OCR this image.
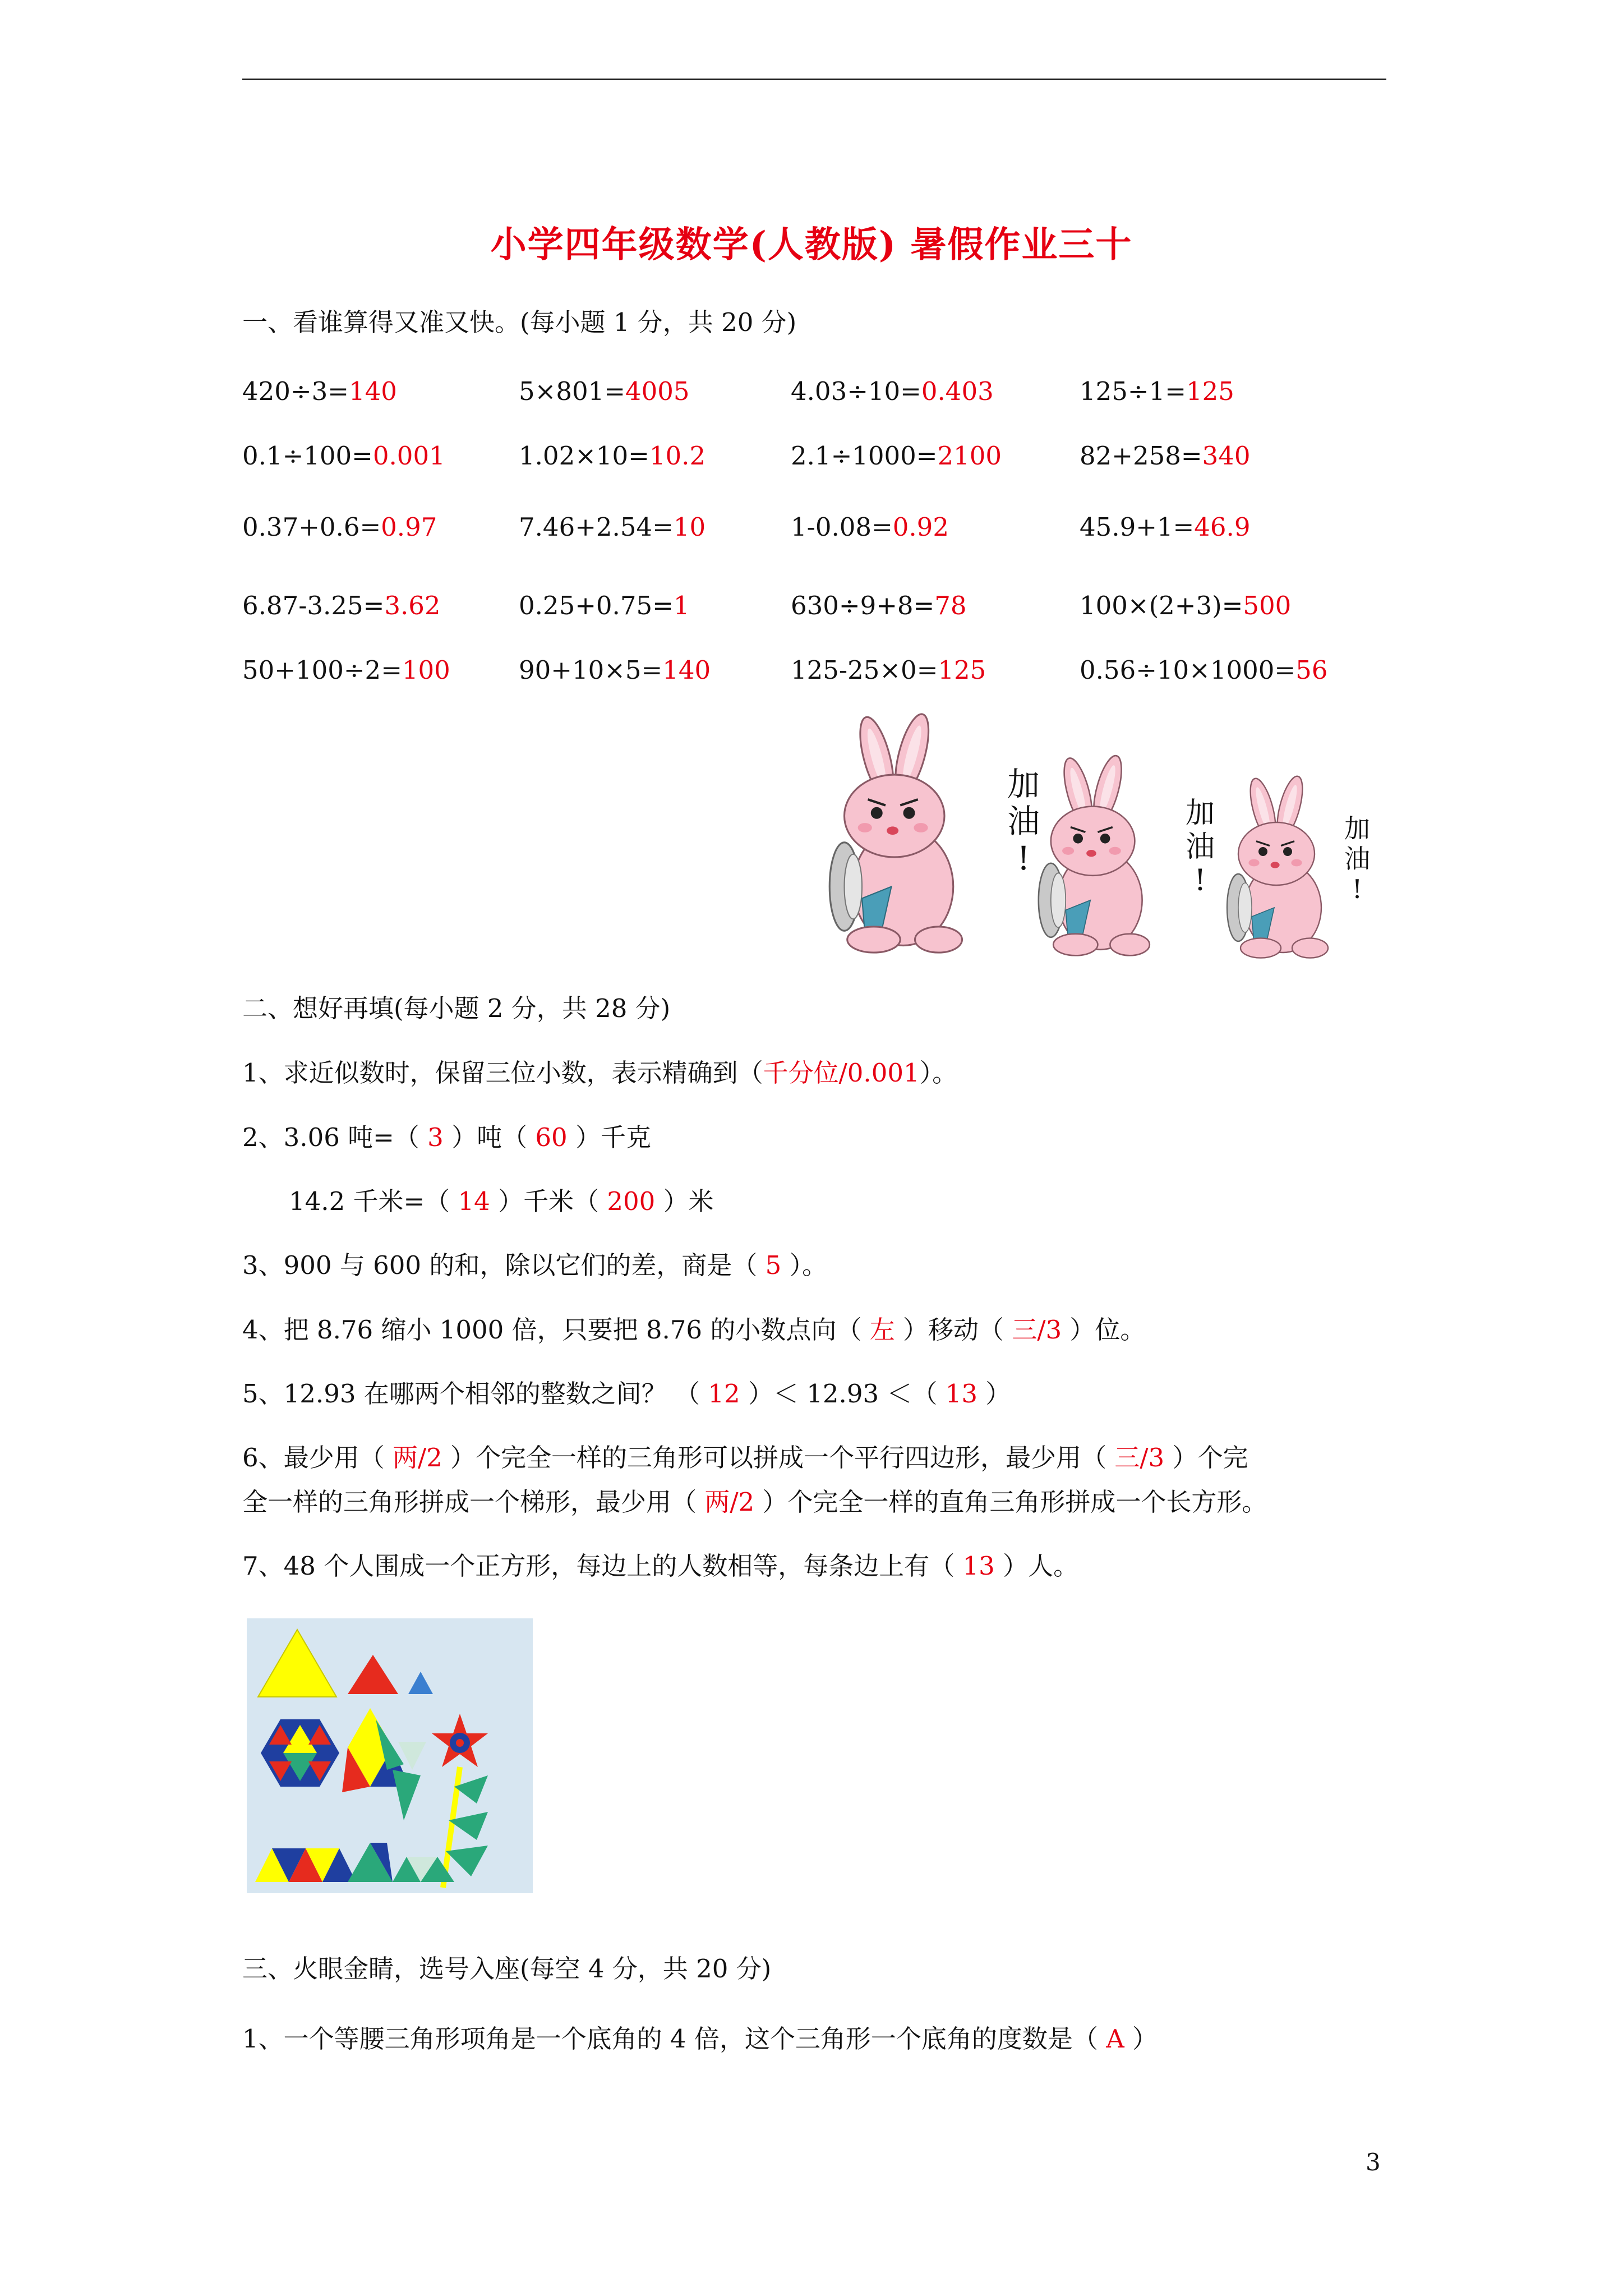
小学四年级数学(人教版) 暑假作业三十
一、看谁算得又准又快。(每小题 1 分，共 20 分)
420÷3=140	5×801=4005	4.03÷10=0.403	125÷1=125
0.1÷100=0.001	1.02×10=10.2	2.1÷1000=2100	82+258=340
0.37+0.6=0.97	7.46+2.54=10	1-0.08=0.92	45.9+1=46.9
6.87-3.25=3.62	0.25+0.75=1	630÷9+8=78	100×(2+3)=500
50+100÷2=100	90+10×5=140	125-25×0=125	0.56÷10×1000=56
加
油
!
加
油
!
加
油
!
二、想好再填(每小题 2 分，共 28 分)
1、求近似数时，保留三位小数，表示精确到（千分位/0.001）。
2、3.06 吨=（ 3 ）吨（ 60 ）千克
14.2 千米=（ 14 ）千米（ 200 ）米
3、900 与 600 的和，除以它们的差，商是（ 5 ）。
4、把 8.76 缩小 1000 倍，只要把 8.76 的小数点向（ 左 ）移动（ 三/3 ）位。
5、12.93 在哪两个相邻的整数之间？ （ 12 ）＜ 12.93 ＜（ 13 ）
6、最少用（ 两/2 ）个完全一样的三角形可以拼成一个平行四边形，最少用（ 三/3 ）个完
全一样的三角形拼成一个梯形，最少用（ 两/2 ）个完全一样的直角三角形拼成一个长方形。
7、48 个人围成一个正方形，每边上的人数相等，每条边上有（ 13 ）人。
三、火眼金睛，选号入座(每空 4 分，共 20 分)
1、一个等腰三角形项角是一个底角的 4 倍，这个三角形一个底角的度数是（ A ）
3
